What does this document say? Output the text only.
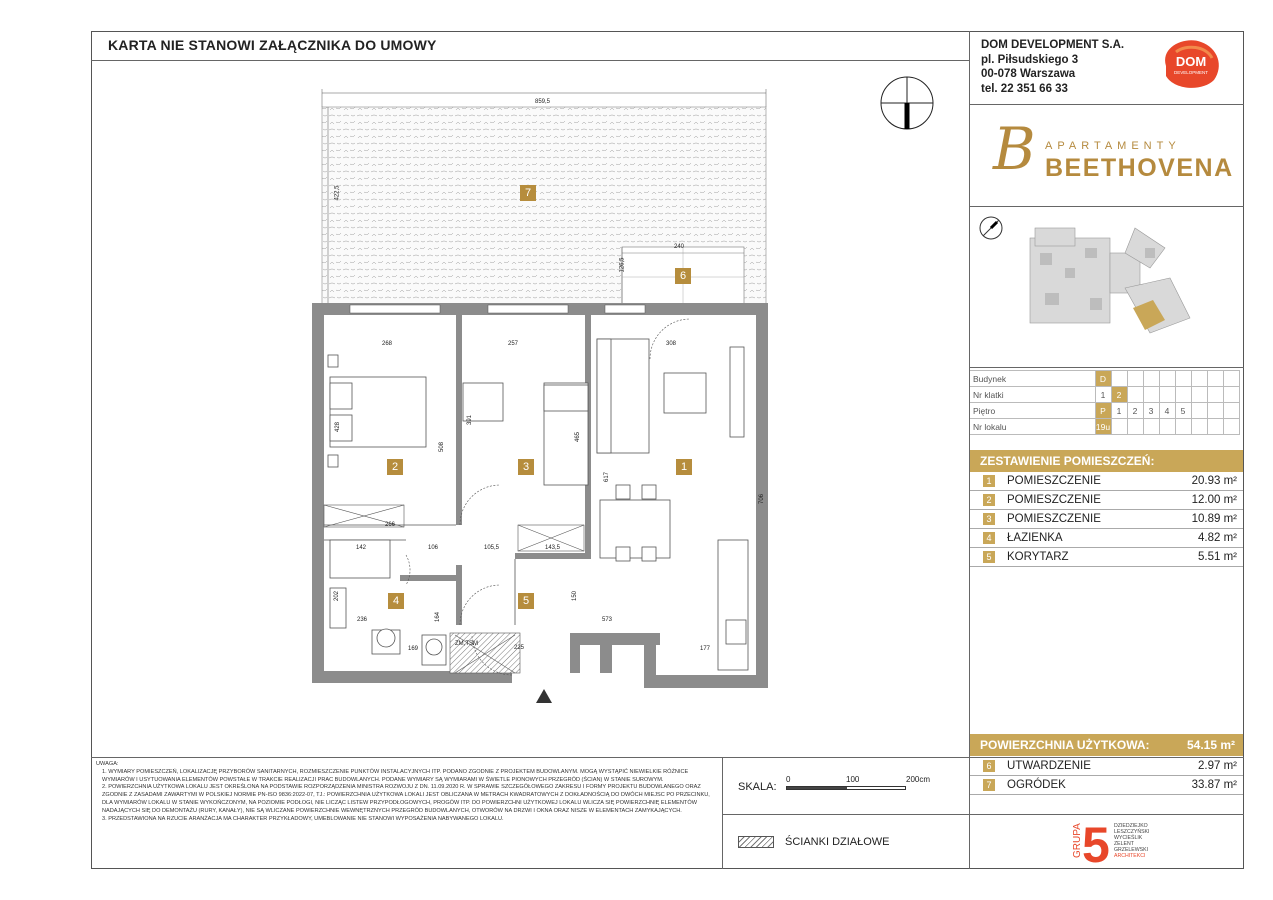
KARTA NIE STANOWI ZAŁĄCZNIKA DO UMOWY	DOM DEVELOPMENT S.A.
pl. Piłsudskiego 3
00-078 Warszawa
tel. 22 351 66 33
DOM
DEVELOPMENT
B APARTAMENTY
BEETHOVENA
Budynek	D								
Nr klatki	1	2							
Piętro	P	1	2	3	4	5			
Nr lokalu	19u								
ZESTAWIENIE POMIESZCZEŃ:
1	POMIESZCZENIE	20.93 m²
2	POMIESZCZENIE	12.00 m²
3	POMIESZCZENIE	10.89 m²
4	ŁAZIENKA	4.82 m²
5	KORYTARZ	5.51 m²
POWIERZCHNIA UŻYTKOWA:	54.15 m²
6	UTWARDZENIE	2.97 m²
7	OGRÓDEK	33.87 m²
UWAGA:
1. WYMIARY POMIESZCZEŃ, LOKALIZACJĘ PRZYBORÓW SANITARNYCH, ROZMIESZCZENIE PUNKTÓW INSTALACYJNYCH ITP. PODANO ZGODNIE Z PROJEKTEM BUDOWLANYM. MOGĄ WYSTĄPIĆ NIEWIELKIE RÓŻNICE WYMIARÓW I USYTUOWANIA ELEMENTÓW POWSTAŁE W TRAKCIE REALIZACJI PRAC BUDOWLANYCH. PODANE WYMIARY SĄ WYMIARAMI W ŚWIETLE PIONOWYCH PRZEGRÓD (ŚCIAN) W STANIE SUROWYM.
2. POWIERZCHNIA UŻYTKOWA LOKALU JEST OKREŚLONA NA PODSTAWIE ROZPORZĄDZENIA MINISTRA ROZWOJU Z DN. 11.09.2020 R. W SPRAWIE SZCZEGÓŁOWEGO ZAKRESU I FORMY PROJEKTU BUDOWLANEGO ORAZ ZGODNIE Z ZASADAMI ZAWARTYMI W POLSKIEJ NORMIE PN-ISO 9836:2022-07, TJ.: POWIERZCHNIA UŻYTKOWA LOKALI JEST OBLICZANA W METRACH KWADRATOWYCH Z DOKŁADNOŚCIĄ DO DWÓCH MIEJSC PO PRZECINKU, DLA WYMIARÓW LOKALU W STANIE WYKOŃCZONYM, NA POZIOMIE PODŁOGI, NIE LICZĄC LISTEW PRZYPODŁOGOWYCH, PROGÓW ITP. DO POWIERZCHNI UŻYTKOWEJ LOKALU WLICZA SIĘ POWIERZCHNIĘ ELEMENTÓW NADAJĄCYCH SIĘ DO DEMONTAŻU (RURY, KANAŁY), NIE SĄ WLICZANE POWIERZCHNIE WEWNĘTRZNYCH PRZEGRÓD BUDOWLANYCH, OTWORÓW NA DRZWI I OKNA ORAZ NISZE W ELEMENTACH ZAMYKAJĄCYCH.
3. PRZEDSTAWIONA NA RZUCIE ARANŻACJA MA CHARAKTER PRZYKŁADOWY, UMEBLOWANIE NIE STANOWI WYPOSAŻENIA NABYWANEGO LOKALU.
SKALA:
0	100	200cm
ŚCIANKI DZIAŁOWE	GRUPA 5 DZIEDZIEJKO
LESZCZYŃSKI
WYCIEŚLIK
ZELENT
GRZELEWSKI
ARCHITEKCI
7
6
2	3	1
4	5
859,5
422,5
240
126,5
268	257	308
428
391
465
617
706
508
266
142	106	105,5	143,5
150
573
202
236	164
169	225	177
ZM,TSM
